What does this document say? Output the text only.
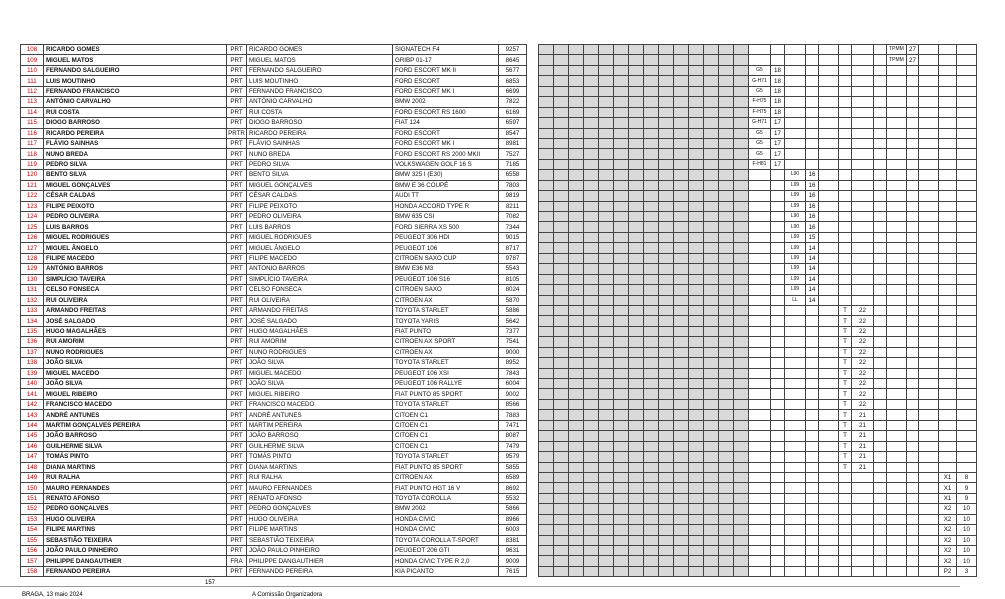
108	RICARDO GOMES	PRT	RICARDO GOMES	SIGNATECH F4	9257																								TPMM	27			
109	MIGUEL MATOS	PRT	MIGUEL MATOS	GRIBP 01-17	8645																								TPMM	27			
110	FERNANDO SALGUEIRO	PRT	FERNANDO SALGUEIRO	FORD ESCORT MK II	5677																G5	18											
111	LUIS MOUTINHO	PRT	LUIS MOUTINHO	FORD ESCORT	6853																G-H71	18											
112	FERNANDO FRANCISCO	PRT	FERNANDO FRANCISCO	FORD ESCORT MK I	6699																G5	18											
113	ANTÓNIO CARVALHO	PRT	ANTÓNIO CARVALHO	BMW 2002	7822																F-H75	18											
114	RUI COSTA	PRT	RUI COSTA	FORD ESCORT RS 1600	6169																F-H75	18											
115	DIOGO BARROSO	PRT	DIOGO BARROSO	FIAT 124	6597																G-H71	17											
116	RICARDO PEREIRA	PRTR	RICARDO PEREIRA	FORD ESCORT	8547																G5	17											
117	FLÁVIO SAINHAS	PRT	FLÁVIO SAINHAS	FORD ESCORT MK I	8981																G5	17											
118	NUNO BREDA	PRT	NUNO BREDA	FORD ESCORT RS 2000 MKII	7527																G5	17											
119	PEDRO SILVA	PRT	PEDRO SILVA	VOLKSWAGEN GOLF 16 S	7185																F-H81	17											
120	BENTO SILVA	PRT	BENTO SILVA	BMW 325 I (E30)	6558																		L90	16									
121	MIGUEL GONÇALVES	PRT	MIGUEL GONÇALVES	BMW E 36 COUPÉ	7803																		L99	16									
122	CÉSAR CALDAS	PRT	CÉSAR CALDAS	AUDI TT	9819																		L99	16									
123	FILIPE PEIXOTO	PRT	FILIPE PEIXOTO	HONDA ACCORD TYPE R	8211																		L99	16									
124	PEDRO OLIVEIRA	PRT	PEDRO OLIVEIRA	BMW 635 CSI	7082																		L90	16									
125	LUIS BARROS	PRT	LUIS BARROS	FORD SIERRA XS 500	7344																		L90	16									
126	MIGUEL RODRIGUES	PRT	MIGUEL RODRIGUES	PEUGEOT 306 HDI	9015																		L99	15									
127	MIGUEL ÂNGELO	PRT	MIGUEL ÂNGELO	PEUGEOT 106	8717																		L99	14									
128	FILIPE MACEDO	PRT	FILIPE MACEDO	CITROEN SAXO CUP	9787																		L99	14									
129	ANTÓNIO BARROS	PRT	ANTONIO BARROS	BMW E36 M3	5543																		L99	14									
130	SIMPLÍCIO TAVEIRA	PRT	SIMPLÍCIO TAVEIRA	PEUGEOT 106 S16	8105																		L99	14									
131	CELSO FONSECA	PRT	CELSO FONSECA	CITROEN SAXO	8024																		L99	14									
132	RUI OLIVEIRA	PRT	RUI OLIVEIRA	CITROEN AX	5870																		LL	14									
133	ARMANDO FREITAS	PRT	ARMANDO FREITAS	TOYOTA STARLET	5886																					T	22						
134	JOSÉ SALGADO	PRT	JOSÉ SALGADO	TOYOTA YARIS	5642																					T	22						
135	HUGO MAGALHÃES	PRT	HUGO MAGALHÃES	FIAT PUNTO	7377																					T	22						
136	RUI AMORIM	PRT	RUI AMORIM	CITROEN AX SPORT	7541																					T	22						
137	NUNO RODRIGUES	PRT	NUNO RODRIGUES	CITROEN AX	9000																					T	22						
138	JOÃO SILVA	PRT	JOÃO SILVA	TOYOTA STARLET	8952																					T	22						
139	MIGUEL MACEDO	PRT	MIGUEL MACEDO	PEUGEOT 106 XSI	7843																					T	22						
140	JOÃO SILVA	PRT	JOÃO SILVA	PEUGEOT 106 RALLYE	6004																					T	22						
141	MIGUEL RIBEIRO	PRT	MIGUEL RIBEIRO	FIAT PUNTO 85 SPORT	9002																					T	22						
142	FRANCISCO MACEDO	PRT	FRANCISCO MACEDO	TOYOTA STARLET	8566																					T	22						
143	ANDRÉ ANTUNES	PRT	ANDRÉ ANTUNES	CITOEN C1	7883																					T	21						
144	MARTIM GONÇALVES PEREIRA	PRT	MARTIM PEREIRA	CITOEN C1	7471																					T	21						
145	JOÃO BARROSO	PRT	JOÃO BARROSO	CITOEN C1	8087																					T	21						
146	GUILHERME SILVA	PRT	GUILHERME SILVA	CITOEN C1	7479																					T	21						
147	TOMÁS PINTO	PRT	TOMÁS PINTO	TOYOTA STARLET	9579																					T	21						
148	DIANA MARTINS	PRT	DIANA MARTINS	FIAT PUNTO 85 SPORT	5855																					T	21						
149	RUI RALHA	PRT	RUI RALHA	CITROEN AX	6589																											X1	8
150	MAURO FERNANDES	PRT	MAURO FERNANDES	FIAT PUNTO HGT 16 V	8692																											X1	9
151	RENATO AFONSO	PRT	RENATO AFONSO	TOYOTA COROLLA	5532																											X1	9
152	PEDRO GONÇALVES	PRT	PEDRO GONÇALVES	BMW 2002	5866																											X2	10
153	HUGO OLIVEIRA	PRT	HUGO OLIVEIRA	HONDA CIVIC	8966																											X2	10
154	FILIPE MARTINS	PRT	FILIPE MARTINS	HONDA CIVIC	6003																											X2	10
155	SEBASTIÃO TEIXEIRA	PRT	SEBASTIÃO TEIXEIRA	TOYOTA COROLLA T-SPORT	8381																											X2	10
156	JOÃO PAULO PINHEIRO	PRT	JOÃO PAULO PINHEIRO	PEUGEOT 206 GTI	9631																											X2	10
157	PHILIPPE DANGAUTHIER	FRA	PHILIPPE DANGAUTHIER	HONDA CIVIC TYPE R 2,0	9009																											X2	10
158	FERNANDO PEREIRA	PRT	FERNANDO PEREIRA	KIA PICANTO	7615																											P2	3
157
BRAGA, 13 maio 2024	A Comissão Organizadora
